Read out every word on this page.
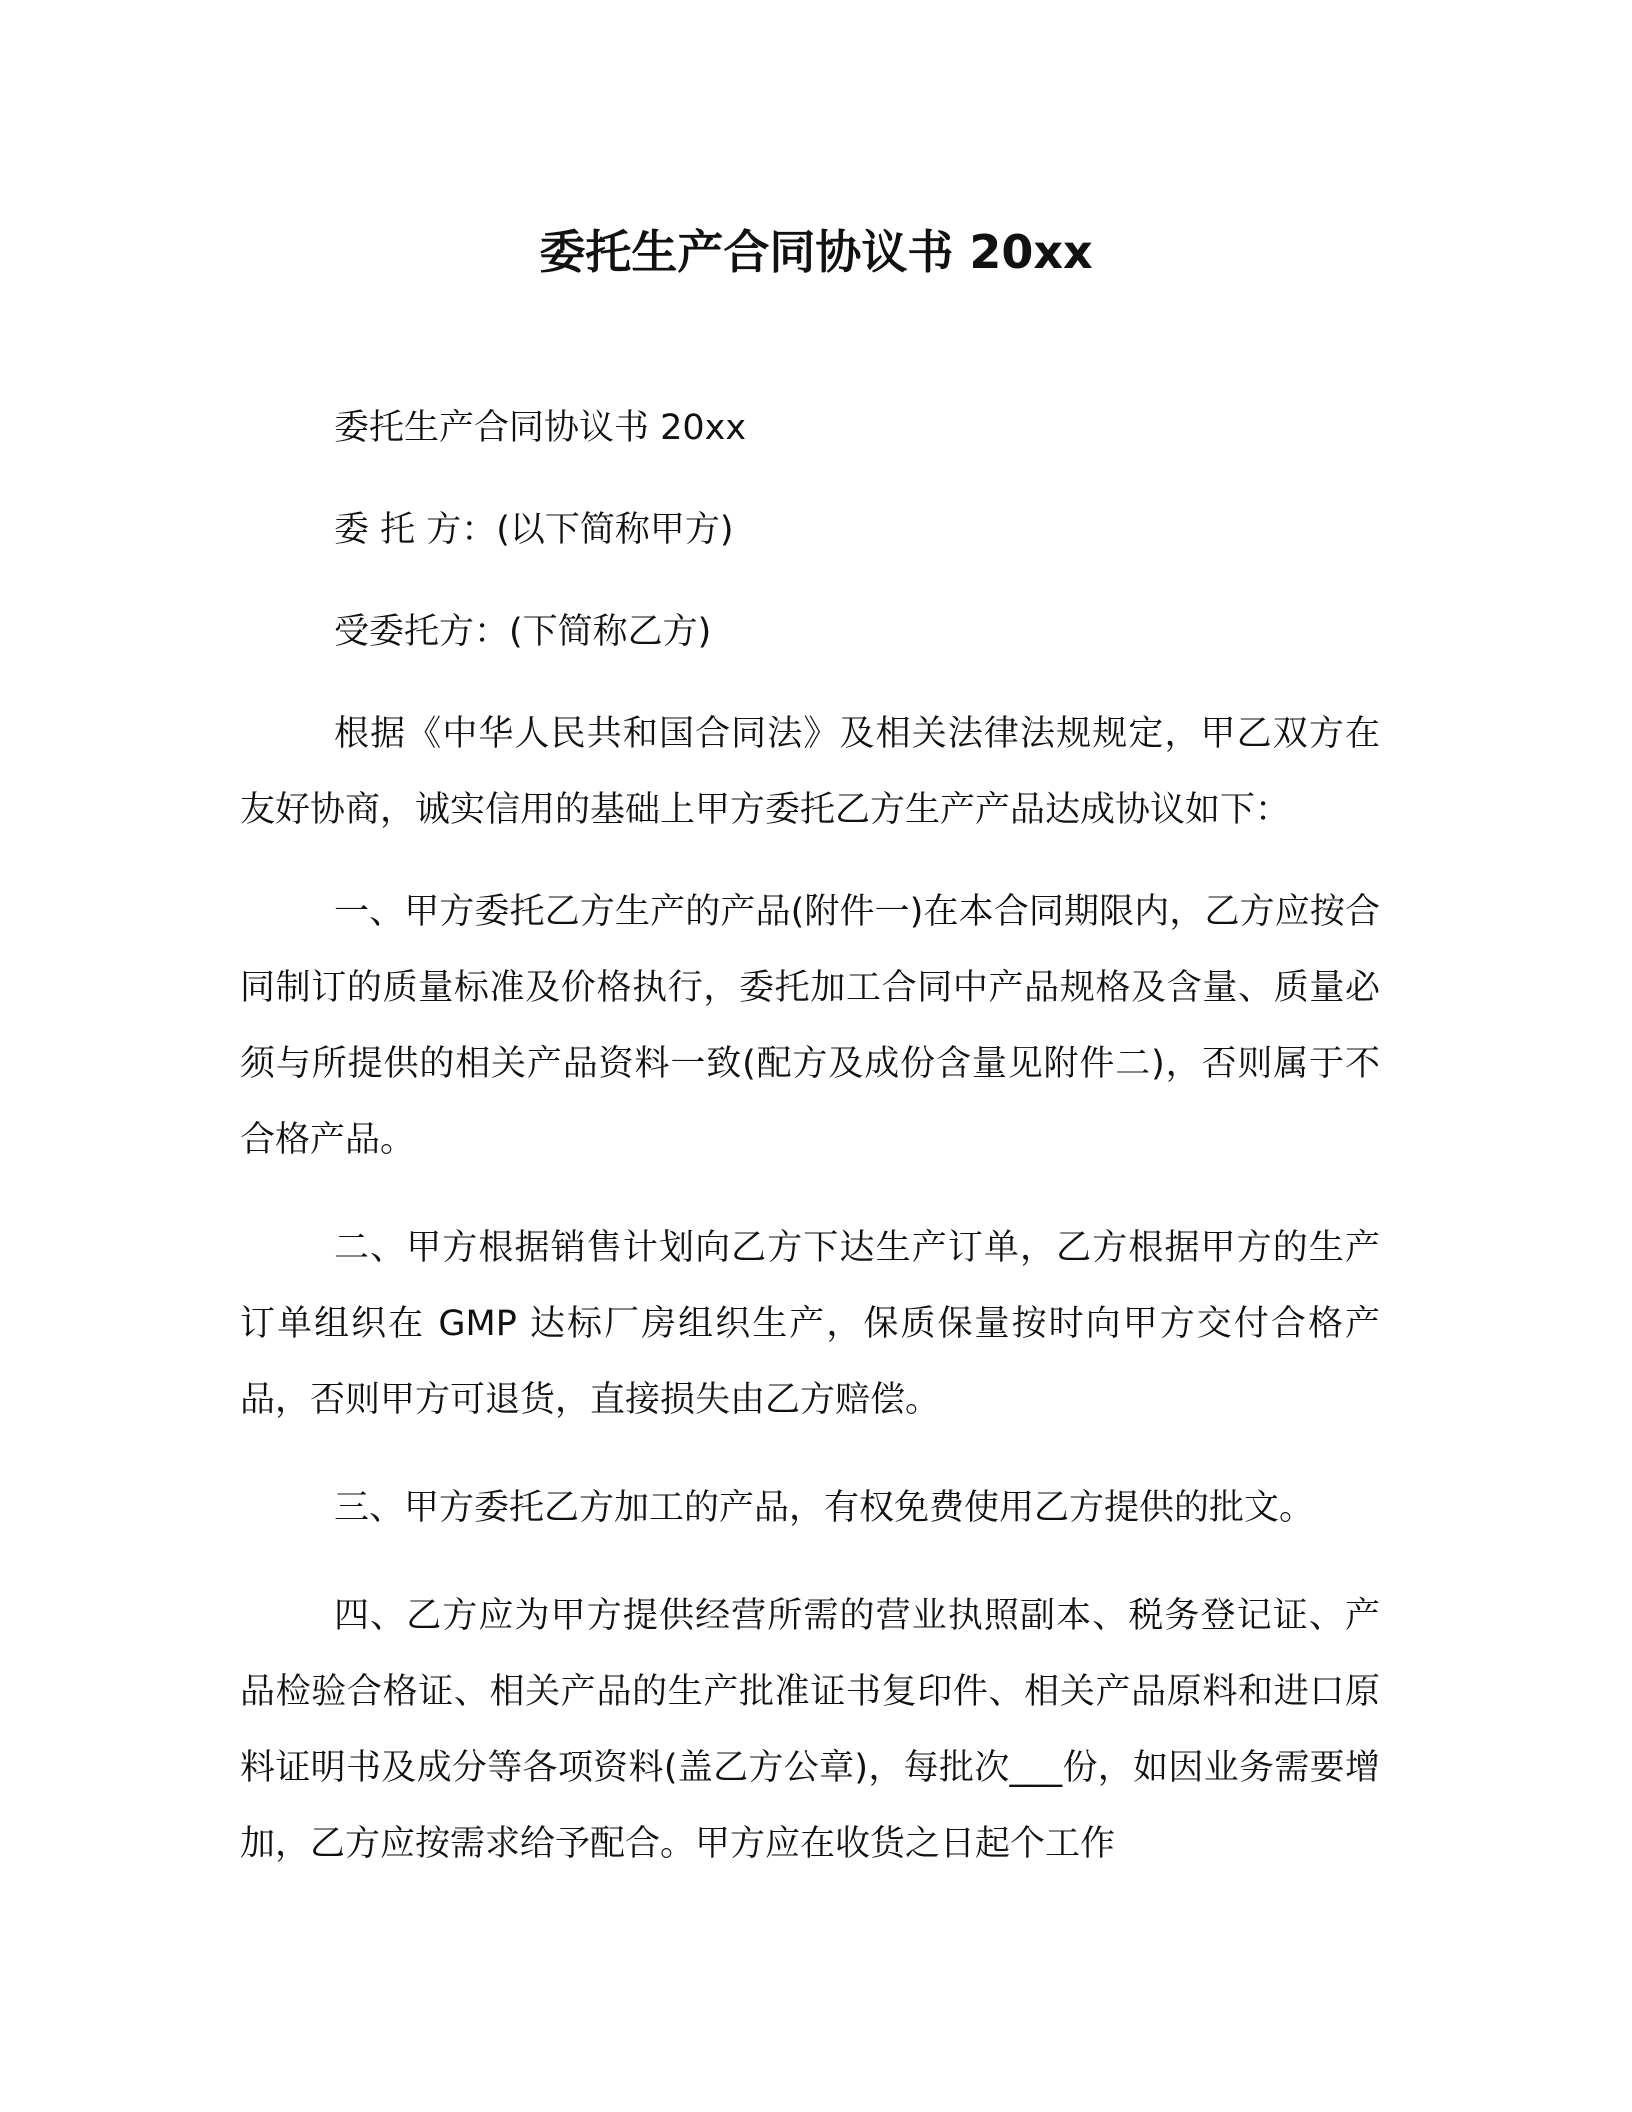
委托生产合同协议书 20xx

委托生产合同协议书 20xx

委 托 方：(以下简称甲方)

受委托方：(下简称乙方)

根据《中华人民共和国合同法》及相关法律法规规定，甲乙双方在友好协商，诚实信用的基础上甲方委托乙方生产产品达成协议如下：

一、甲方委托乙方生产的产品(附件一)在本合同期限内，乙方应按合同制订的质量标准及价格执行，委托加工合同中产品规格及含量、质量必须与所提供的相关产品资料一致(配方及成份含量见附件二)，否则属于不合格产品。

二、甲方根据销售计划向乙方下达生产订单，乙方根据甲方的生产订单组织在 GMP 达标厂房组织生产，保质保量按时向甲方交付合格产品，否则甲方可退货，直接损失由乙方赔偿。

三、甲方委托乙方加工的产品，有权免费使用乙方提供的批文。

四、乙方应为甲方提供经营所需的营业执照副本、税务登记证、产品检验合格证、相关产品的生产批准证书复印件、相关产品原料和进口原料证明书及成分等各项资料(盖乙方公章)，每批次___份，如因业务需要增加，乙方应按需求给予配合。甲方应在收货之日起个工作
